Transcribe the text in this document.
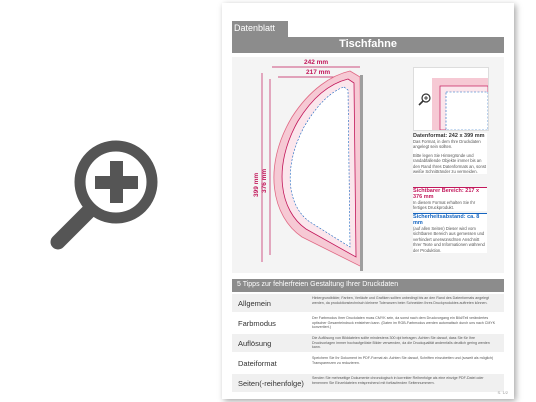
Datenblatt
Tischfahne
242 mm
217 mm
399 mm 376 mm
Tischfahne
Datenformat: 242 x 399 mm
Das Format, in dem Ihre Druckdaten angelegt sein sollten.
Bitte legen Sie Hintergründe und randabfallende Objekte immer bis an den Rand Ihres Datenformats an, sonst weiße Schnittränder zu vermeiden.
Sichtbarer Bereich: 217 x 376 mm
In diesem Format erhalten Sie Ihr fertiges Druckprodukt.
Sicherheitsabstand: ca. 8 mm
(auf allen Seiten) Dieser wird vom sichtbaren Bereich aus gemessen und verhindert unerwünschten Anschnitt Ihrer Texte und Informationen während der Produktion.
5 Tipps zur fehlerfreien Gestaltung Ihrer Druckdaten
Allgemein
Hintergrundbilder, Farben, Verläufe und Grafiken sollten unbedingt bis an den Rand des Datenformats angelegt werden, da produktionstechnisch kleinere Toleranzen beim Schneiden Ihres Druckproduktes auftreten können.
Farbmodus
Der Farbmodus Ihrer Druckdaten muss CMYK sein, da sonst nach dem Druckvorgang ein Bild/Teil verändertes optischer Gesamteindruck entstehen kann. (Daten im RGB-Farbmodus werden automatisch durch uns nach CMYK konvertiert.)
Auflösung
Die Auflösung von Bilddateien sollte mindestens 300 dpi betragen. Achten Sie darauf, dass Sie für Ihre Druckvorlagen immer hochaufgelöste Bilder verwenden, da die Druckqualität andernfalls deutlich gering werden kann.
Dateiformat
Speichern Sie Ihr Dokument im PDF-Format ab. Achten Sie darauf, Schriften einzubetten und (soweit als möglich) Transparenzen zu reduzieren.
Seiten(-reihenfolge)
Senden Sie mehrseitige Dokumente chronologisch in korrekter Reihenfolge als eine einzige PDF-Datei oder benennen Sie Einzeldateien entsprechend mit fortlaufenden Seitennummern.
S. 1/2
